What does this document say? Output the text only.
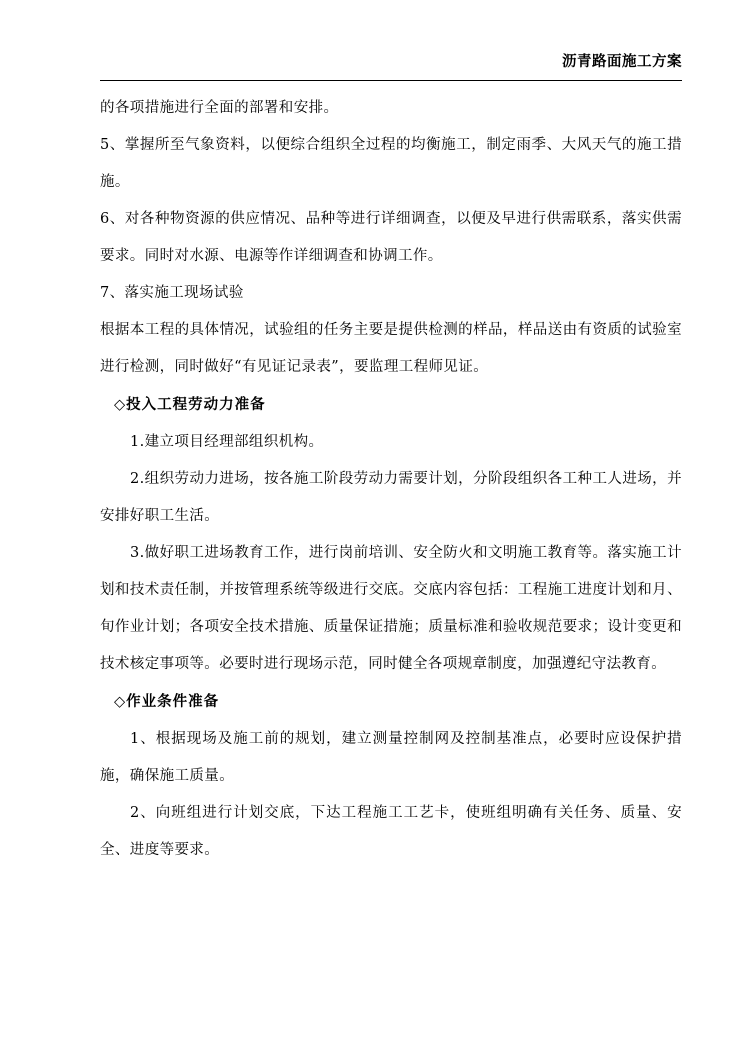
沥青路面施工方案

的各项措施进行全面的部署和安排。

5、掌握所至气象资料，以便综合组织全过程的均衡施工，制定雨季、大风天气的施工措施。

6、对各种物资源的供应情况、品种等进行详细调查，以便及早进行供需联系，落实供需要求。同时对水源、电源等作详细调查和协调工作。

7、落实施工现场试验

根据本工程的具体情况，试验组的任务主要是提供检测的样品，样品送由有资质的试验室进行检测，同时做好“有见证记录表”，要监理工程师见证。

◇投入工程劳动力准备

1.建立项目经理部组织机构。

2.组织劳动力进场，按各施工阶段劳动力需要计划，分阶段组织各工种工人进场，并安排好职工生活。

3.做好职工进场教育工作，进行岗前培训、安全防火和文明施工教育等。落实施工计划和技术责任制，并按管理系统等级进行交底。交底内容包括：工程施工进度计划和月、旬作业计划；各项安全技术措施、质量保证措施；质量标准和验收规范要求；设计变更和技术核定事项等。必要时进行现场示范，同时健全各项规章制度，加强遵纪守法教育。

◇作业条件准备

1、根据现场及施工前的规划，建立测量控制网及控制基准点，必要时应设保护措施，确保施工质量。

2、向班组进行计划交底，下达工程施工工艺卡，使班组明确有关任务、质量、安全、进度等要求。
